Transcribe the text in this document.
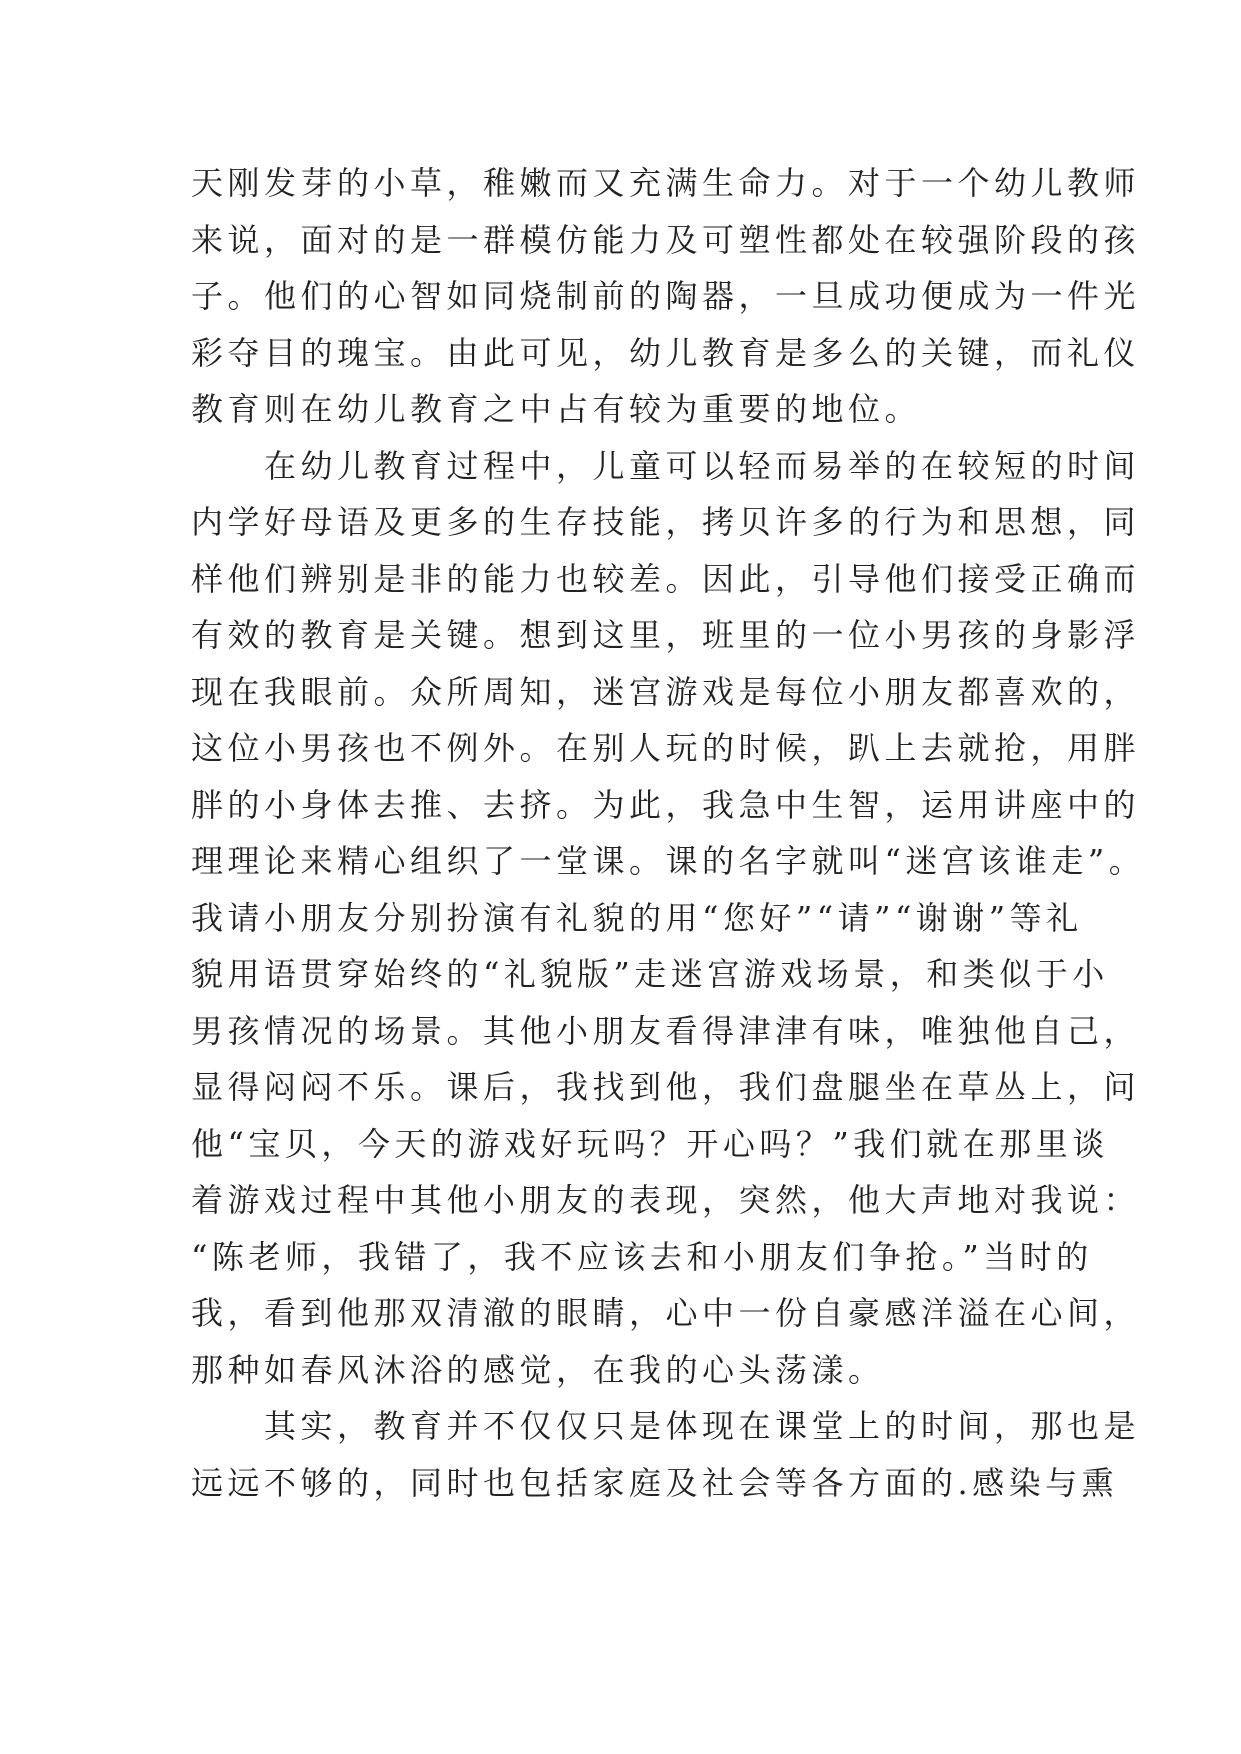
天刚发芽的小草，稚嫩而又充满生命力。对于一个幼儿教师
来说，面对的是一群模仿能力及可塑性都处在较强阶段的孩
子。他们的心智如同烧制前的陶器，一旦成功便成为一件光
彩夺目的瑰宝。由此可见，幼儿教育是多么的关键，而礼仪
教育则在幼儿教育之中占有较为重要的地位。
　　在幼儿教育过程中，儿童可以轻而易举的在较短的时间
内学好母语及更多的生存技能，拷贝许多的行为和思想，同
样他们辨别是非的能力也较差。因此，引导他们接受正确而
有效的教育是关键。想到这里，班里的一位小男孩的身影浮
现在我眼前。众所周知，迷宫游戏是每位小朋友都喜欢的，
这位小男孩也不例外。在别人玩的时候，趴上去就抢，用胖
胖的小身体去推、去挤。为此，我急中生智，运用讲座中的
理理论来精心组织了一堂课。课的名字就叫“迷宫该谁走”。
我请小朋友分别扮演有礼貌的用“您好”“请”“谢谢”等礼
貌用语贯穿始终的“礼貌版”走迷宫游戏场景，和类似于小
男孩情况的场景。其他小朋友看得津津有味，唯独他自己，
显得闷闷不乐。课后，我找到他，我们盘腿坐在草丛上，问
他“宝贝，今天的游戏好玩吗？开心吗？”我们就在那里谈
着游戏过程中其他小朋友的表现，突然，他大声地对我说：
“陈老师，我错了，我不应该去和小朋友们争抢。”当时的
我，看到他那双清澈的眼睛，心中一份自豪感洋溢在心间，
那种如春风沐浴的感觉，在我的心头荡漾。
　　其实，教育并不仅仅只是体现在课堂上的时间，那也是
远远不够的，同时也包括家庭及社会等各方面的.感染与熏
